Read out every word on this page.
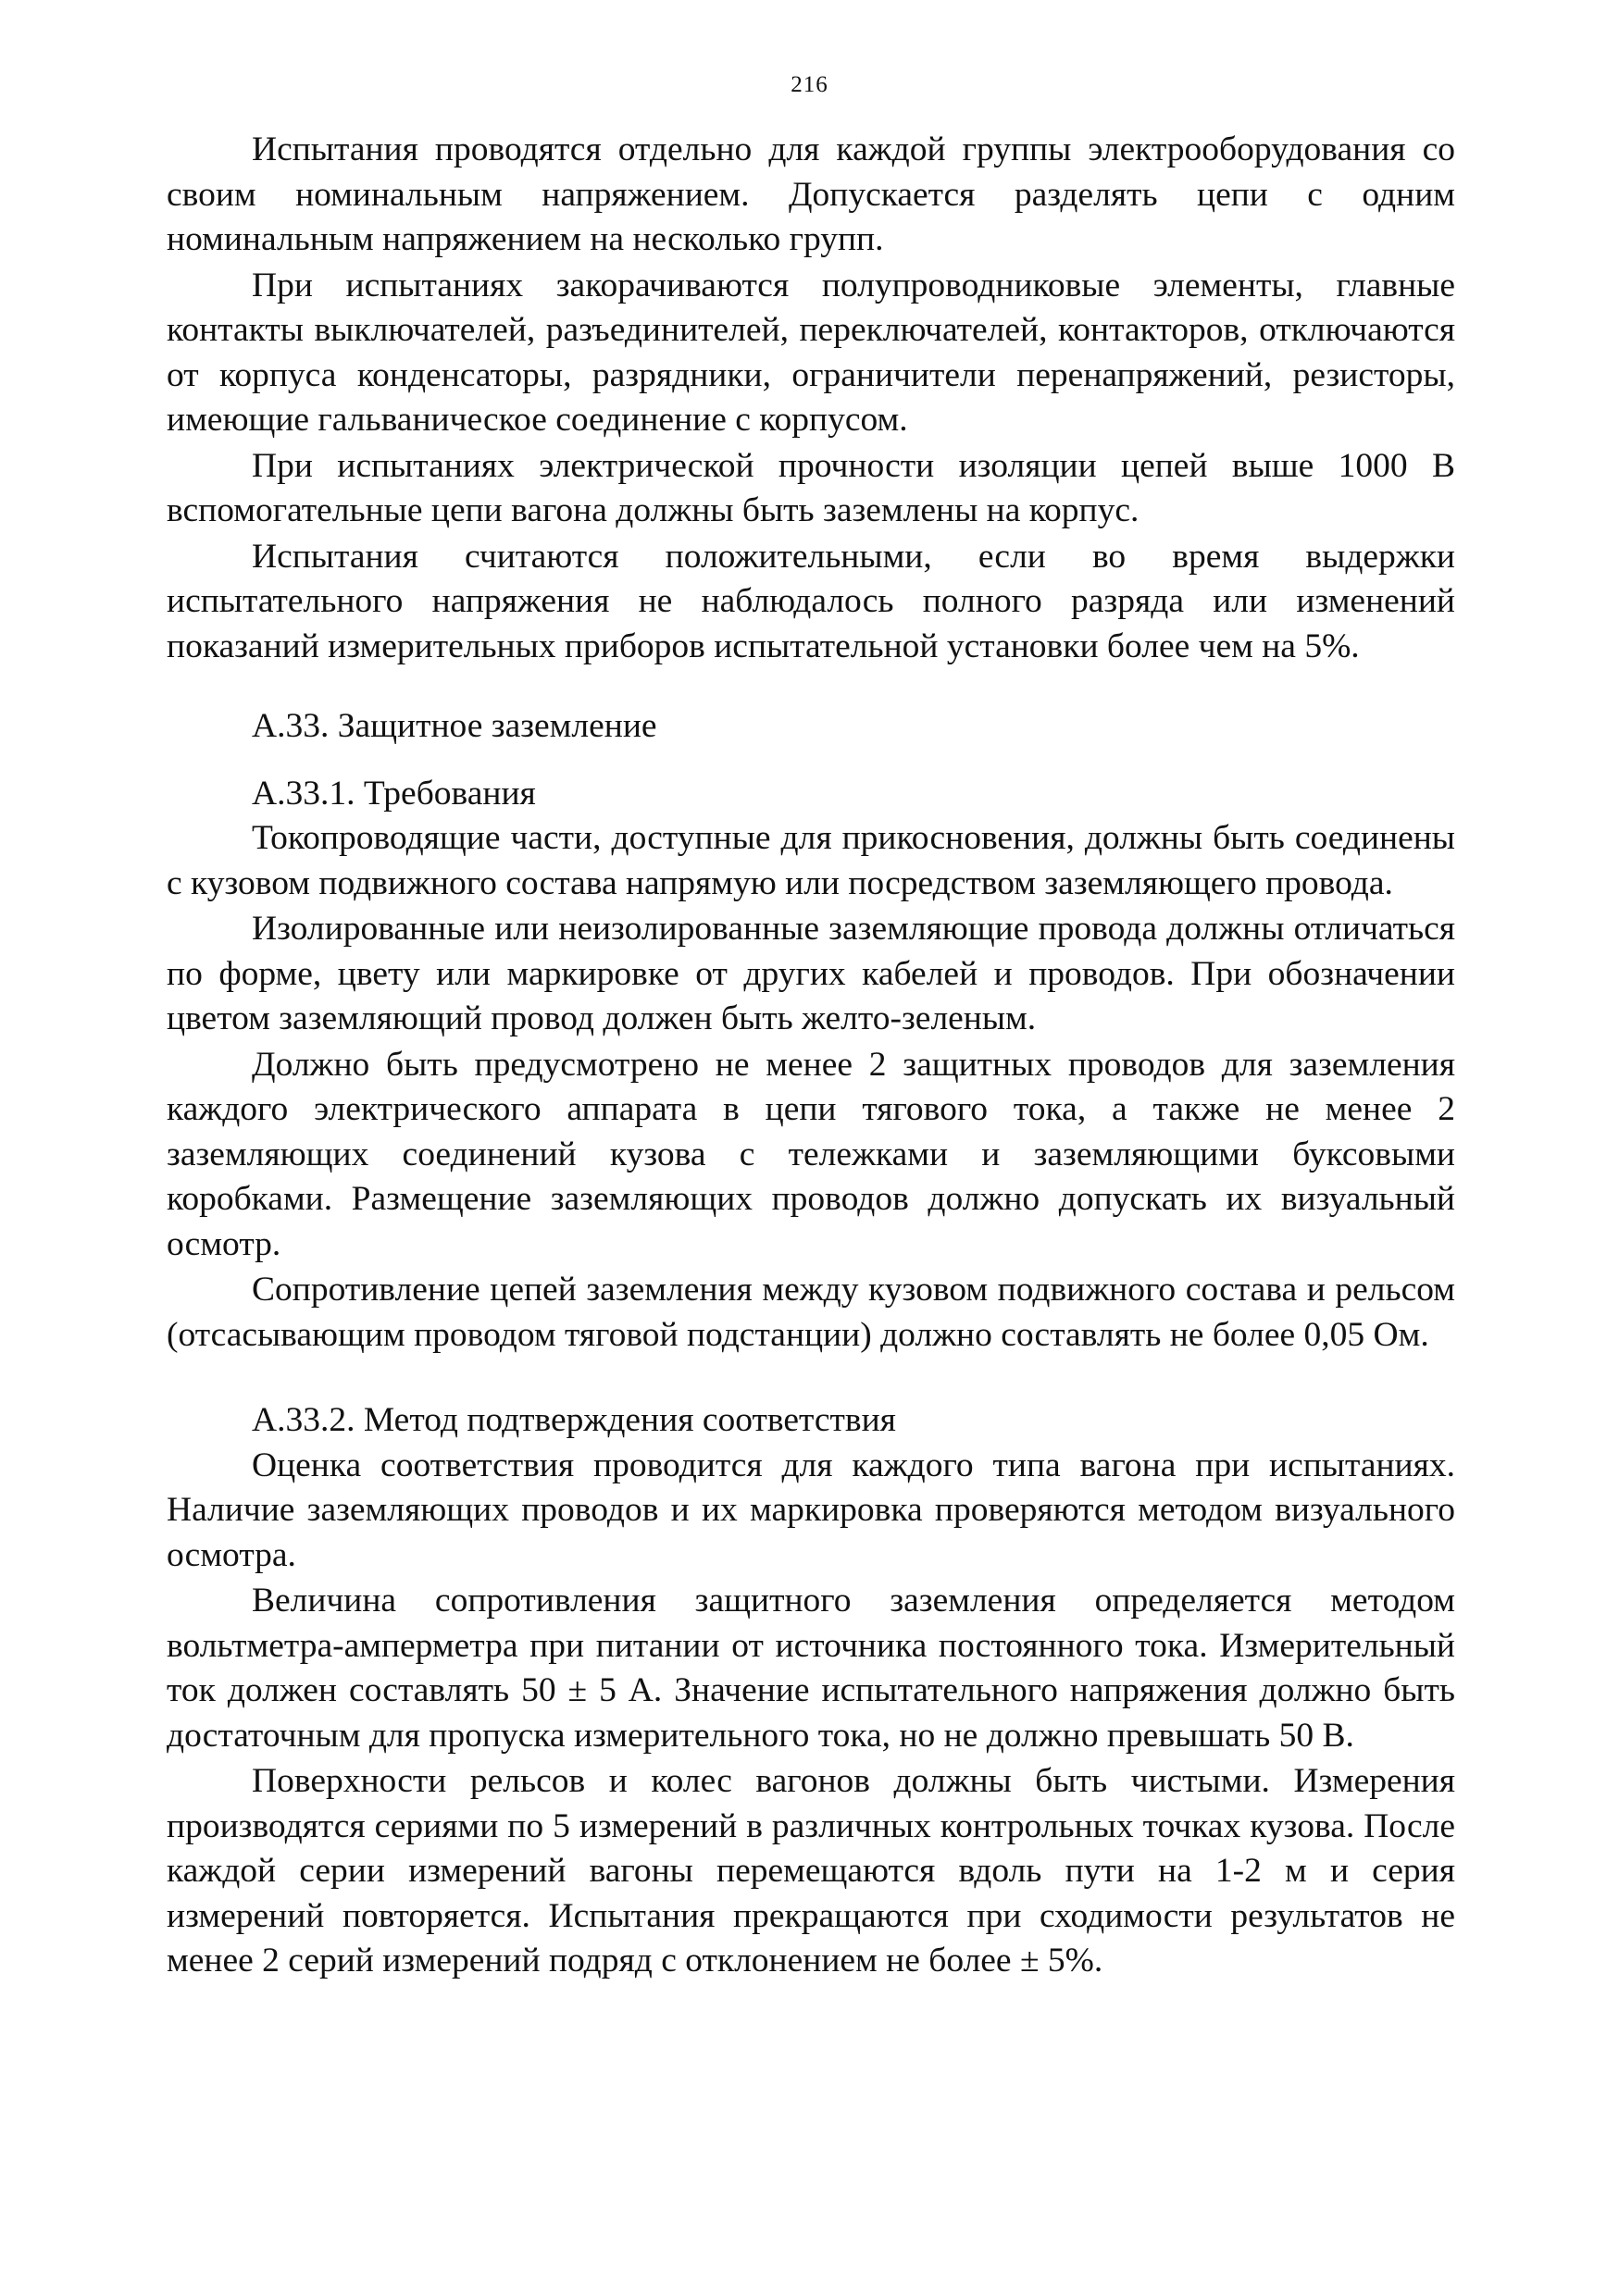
216

Испытания проводятся отдельно для каждой группы электрооборудования со своим номинальным напряжением. Допускается разделять цепи с одним номинальным напряжением на несколько групп.

При испытаниях закорачиваются полупроводниковые элементы, главные контакты выключателей, разъединителей, переключателей, контакторов, отключаются от корпуса конденсаторы, разрядники, ограничители перенапряжений, резисторы, имеющие гальваническое соединение с корпусом.

При испытаниях электрической прочности изоляции цепей выше 1000 В вспомогательные цепи вагона должны быть заземлены на корпус.

Испытания считаются положительными, если во время выдержки испытательного напряжения не наблюдалось полного разряда или изменений показаний измерительных приборов испытательной установки более чем на 5%.

А.33. Защитное заземление
А.33.1. Требования

Токопроводящие части, доступные для прикосновения, должны быть соединены с кузовом подвижного состава напрямую или посредством заземляющего провода.

Изолированные или неизолированные заземляющие провода должны отличаться по форме, цвету или маркировке от других кабелей и проводов. При обозначении цветом заземляющий провод должен быть желто-зеленым.

Должно быть предусмотрено не менее 2 защитных проводов для заземления каждого электрического аппарата в цепи тягового тока, а также не менее 2 заземляющих соединений кузова с тележками и заземляющими буксовыми коробками. Размещение заземляющих проводов должно допускать их визуальный осмотр.

Сопротивление цепей заземления между кузовом подвижного состава и рельсом (отсасывающим проводом тяговой подстанции) должно составлять не более 0,05 Ом.

А.33.2. Метод подтверждения соответствия

Оценка соответствия проводится для каждого типа вагона при испытаниях. Наличие заземляющих проводов и их маркировка проверяются методом визуального осмотра.

Величина сопротивления защитного заземления определяется методом вольтметра-амперметра при питании от источника постоянного тока. Измерительный ток должен составлять 50 ± 5 А. Значение испытательного напряжения должно быть достаточным для пропуска измерительного тока, но не должно превышать 50 В.

Поверхности рельсов и колес вагонов должны быть чистыми. Измерения производятся сериями по 5 измерений в различных контрольных точках кузова. После каждой серии измерений вагоны перемещаются вдоль пути на 1-2 м и серия измерений повторяется. Испытания прекращаются при сходимости результатов не менее 2 серий измерений подряд с отклонением не более ± 5%.
